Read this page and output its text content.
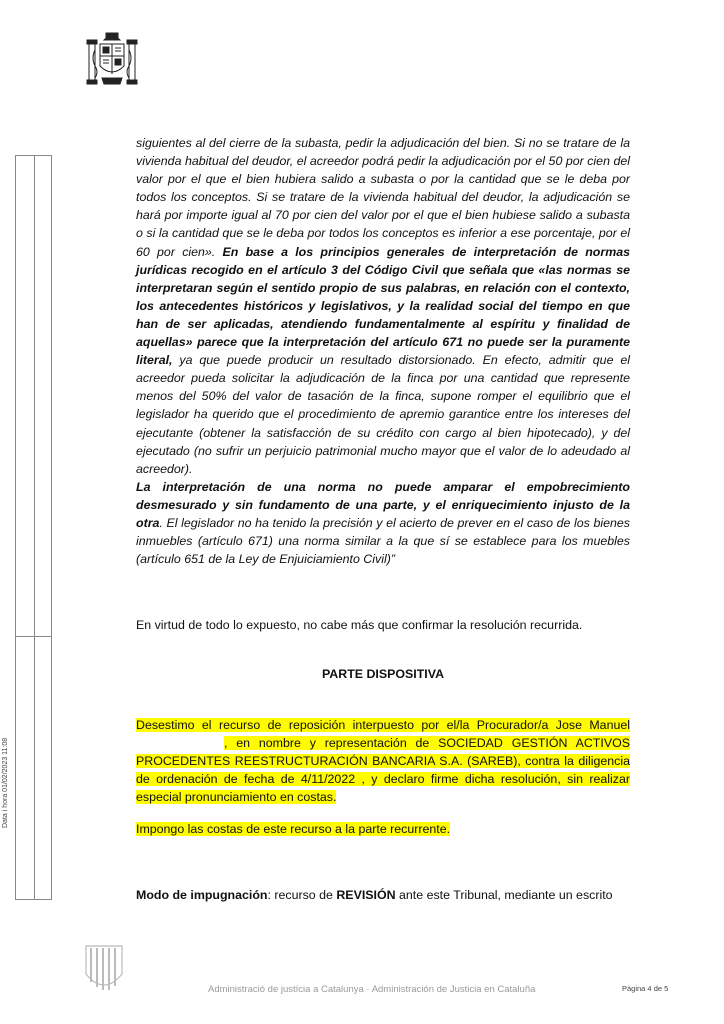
Data i hora 01/02/2023 11:08
siguientes al del cierre de la subasta, pedir la adjudicación del bien. Si no se tratare de la vivienda habitual del deudor, el acreedor podrá pedir la adjudicación por el 50 por cien del valor por el que el bien hubiera salido a subasta o por la cantidad que se le deba por todos los conceptos. Si se tratare de la vivienda habitual del deudor, la adjudicación se hará por importe igual al 70 por cien del valor por el que el bien hubiese salido a subasta o si la cantidad que se le deba por todos los conceptos es inferior a ese porcentaje, por el 60 por cien». En base a los principios generales de interpretación de normas jurídicas recogido en el artículo 3 del Código Civil que señala que «las normas se interpretaran según el sentido propio de sus palabras, en relación con el contexto, los antecedentes históricos y legislativos, y la realidad social del tiempo en que han de ser aplicadas, atendiendo fundamentalmente al espíritu y finalidad de aquellas» parece que la interpretación del artículo 671 no puede ser la puramente literal, ya que puede producir un resultado distorsionado. En efecto, admitir que el acreedor pueda solicitar la adjudicación de la finca por una cantidad que represente menos del 50% del valor de tasación de la finca, supone romper el equilibrio que el legislador ha querido que el procedimiento de apremio garantice entre los intereses del ejecutante (obtener la satisfacción de su crédito con cargo al bien hipotecado), y del ejecutado (no sufrir un perjuicio patrimonial mucho mayor que el valor de lo adeudado al acreedor).
La interpretación de una norma no puede amparar el empobrecimiento desmesurado y sin fundamento de una parte, y el enriquecimiento injusto de la otra. El legislador no ha tenido la precisión y el acierto de prever en el caso de los bienes inmuebles (artículo 671) una norma similar a la que sí se establece para los muebles (artículo 651 de la Ley de Enjuiciamiento Civil)”
En virtud de todo lo expuesto, no cabe más que confirmar la resolución recurrida.
PARTE DISPOSITIVA
Desestimo el recurso de reposición interpuesto por el/la Procurador/a Jose Manuel , en nombre y representación de SOCIEDAD GESTIÓN ACTIVOS PROCEDENTES REESTRUCTURACIÓN BANCARIA S.A. (SAREB), contra la diligencia de ordenación de fecha de 4/11/2022 , y declaro firme dicha resolución, sin realizar especial pronunciamiento en costas.
Impongo las costas de este recurso a la parte recurrente.
Modo de impugnación: recurso de REVISIÓN ante este Tribunal, mediante un escrito
Administració de justícia a Catalunya · Administración de Justicia en Cataluña	Pàgina 4 de 5
